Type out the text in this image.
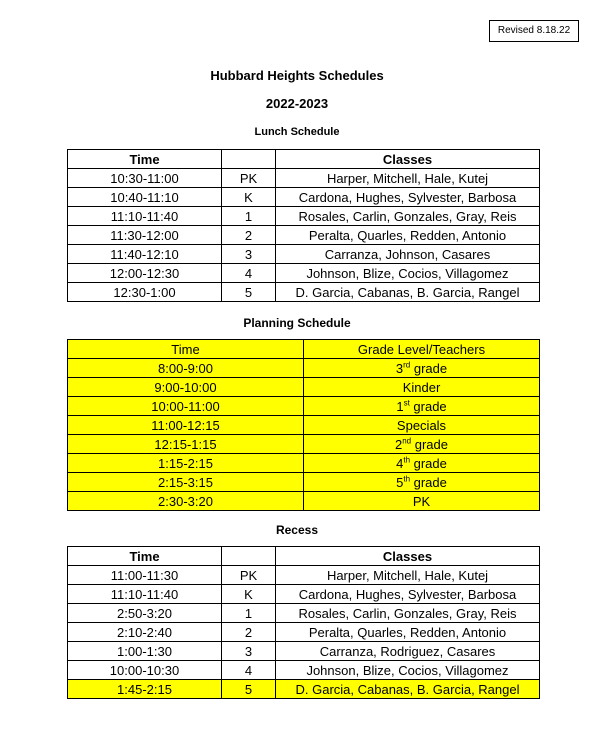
Revised 8.18.22
Hubbard Heights Schedules
2022-2023
Lunch Schedule
Time		Classes
10:30-11:00	PK	Harper, Mitchell, Hale, Kutej
10:40-11:10	K	Cardona, Hughes, Sylvester, Barbosa
11:10-11:40	1	Rosales, Carlin, Gonzales, Gray, Reis
11:30-12:00	2	Peralta, Quarles, Redden, Antonio
11:40-12:10	3	Carranza, Johnson, Casares
12:00-12:30	4	Johnson, Blize, Cocios, Villagomez
12:30-1:00	5	D. Garcia, Cabanas, B. Garcia, Rangel
Planning Schedule
Time	Grade Level/Teachers
8:00-9:00	3rd grade
9:00-10:00	Kinder
10:00-11:00	1st grade
11:00-12:15	Specials
12:15-1:15	2nd grade
1:15-2:15	4th grade
2:15-3:15	5th grade
2:30-3:20	PK
Recess
Time		Classes
11:00-11:30	PK	Harper, Mitchell, Hale, Kutej
11:10-11:40	K	Cardona, Hughes, Sylvester, Barbosa
2:50-3:20	1	Rosales, Carlin, Gonzales, Gray, Reis
2:10-2:40	2	Peralta, Quarles, Redden, Antonio
1:00-1:30	3	Carranza, Rodriguez, Casares
10:00-10:30	4	Johnson, Blize, Cocios, Villagomez
1:45-2:15	5	D. Garcia, Cabanas, B. Garcia, Rangel
